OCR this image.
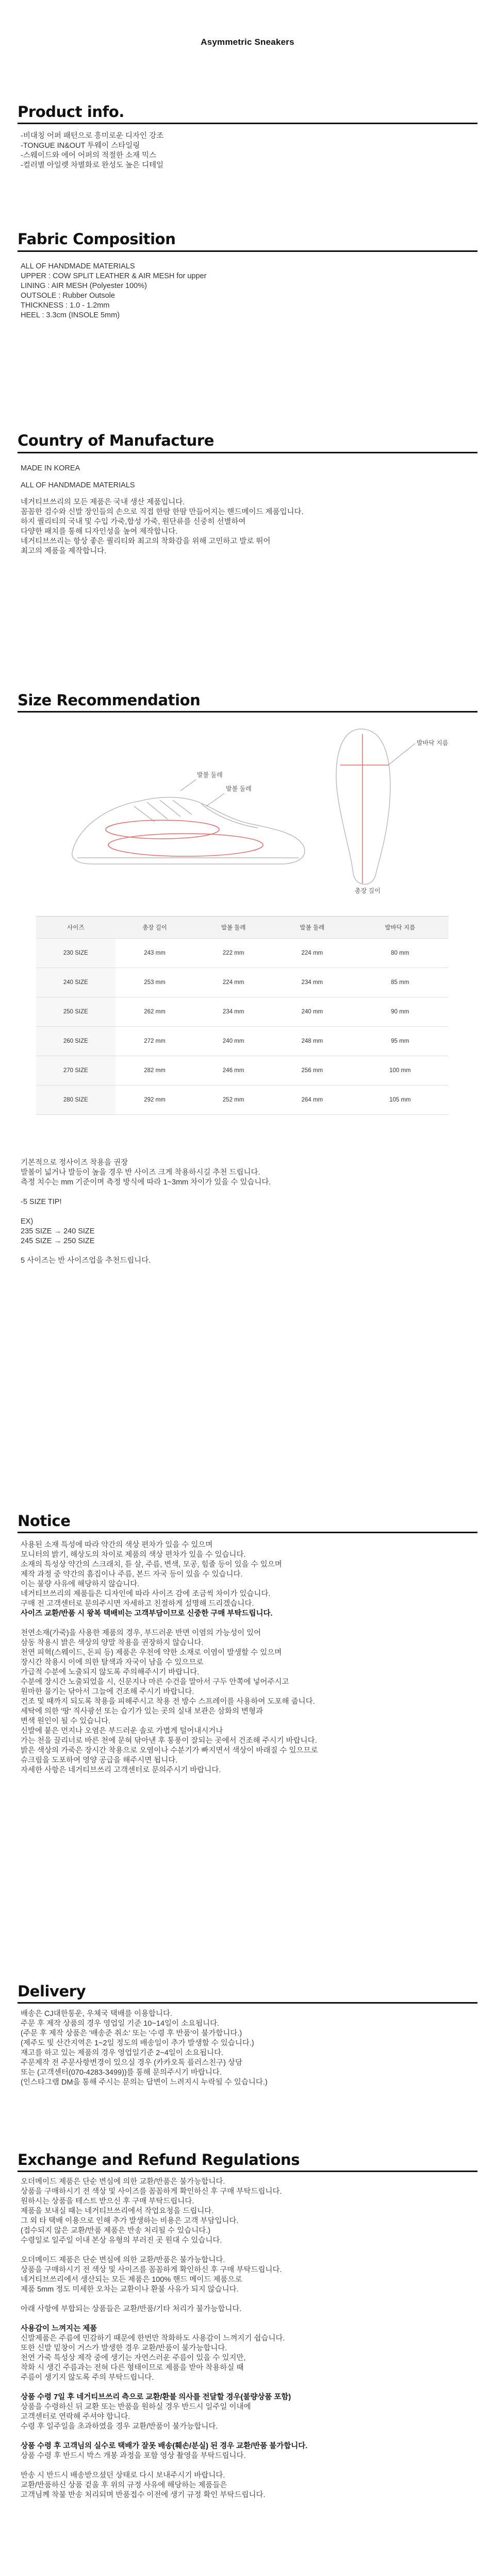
Asymmetric Sneakers
Product info.
-비대칭 어퍼 패턴으로 흥미로운 디자인 강조
-TONGUE IN&OUT 투웨이 스타일링
-스웨이드와 에어 어퍼의 적절한 소재 믹스
-컬러별 아일렛 차별화로 완성도 높은 디테일
Fabric Composition
ALL OF HANDMADE MATERIALS
UPPER : COW SPLIT LEATHER & AIR MESH for upper
LINING : AIR MESH (Polyester 100%)
OUTSOLE : Rubber Outsole
THICKNESS : 1.0 - 1.2mm
HEEL : 3.3cm (INSOLE 5mm)
Country of Manufacture
MADE IN KOREA
ALL OF HANDMADE MATERIALS
네거티브쓰리의 모든 제품은 국내 생산 제품입니다.
꼼꼼한 검수와 신발 장인들의 손으로 직접 한땀 한땀 만들어지는 핸드메이드 제품입니다.
하지 퀄리티의 국내 및 수입 가죽,합성 가죽, 원단류를 신중히 선별하여
다양한 패치를 통해 디자인성을 높여 제작합니다.
네거티브쓰리는 항상 좋은 퀄리티와 최고의 착화감을 위해 고민하고 발로 뛰어
최고의 제품을 제작합니다.
Size Recommendation
발볼 둘레
발볼 둘레
발바닥 지름
총장 길이
사이즈	총장 길이	발볼 둘레	발볼 둘레	발바닥 지름
230 SIZE	243 mm	222 mm	224 mm	80 mm
240 SIZE	253 mm	224 mm	234 mm	85 mm
250 SIZE	262 mm	234 mm	240 mm	90 mm
260 SIZE	272 mm	240 mm	248 mm	95 mm
270 SIZE	282 mm	246 mm	256 mm	100 mm
280 SIZE	292 mm	252 mm	264 mm	105 mm
기본적으로 정사이즈 착용을 권장
발볼이 넓거나 발등이 높을 경우 반 사이즈 크게 착용하시길 추천 드립니다.
측정 치수는 mm 기준이며 측정 방식에 따라 1~3mm 차이가 있을 수 있습니다.
-5 SIZE TIP!
EX)
235 SIZE → 240 SIZE
245 SIZE → 250 SIZE
5 사이즈는 반 사이즈업을 추천드립니다.
Notice
사용된 소재 특성에 따라 약간의 색상 편차가 있을 수 있으며
모니터의 밝기, 해상도의 차이로 제품의 색상 편차가 있을 수 있습니다.
소재의 특성상 약간의 스크래치, 튿 살, 주름, 변색, 모공, 힘줄 등이 있을 수 있으며
제작 과정 중 약간의 흠집이나 주름, 본드 자국 등이 있을 수 있습니다.
이는 불량 사유에 해당하지 않습니다.
네거티브쓰리의 제품들은 디자인에 따라 사이즈 감에 조금씩 차이가 있습니다.
구매 전 고객센터로 문의주시면 자세하고 친절하게 설명해 드리겠습니다.
사이즈 교환/반품 시 왕복 택배비는 고객부담이므로 신중한 구매 부탁드립니다.
천연소재(가죽)을 사용한 제품의 경우, 부드러운 반면 이염의 가능성이 있어
삼동 착용시 밝은 색상의 양말 착용을 권장하지 않습니다.
천연 피혁(스웨이드, 돈피 등) 제품은 우천에 약한 소재로 이염이 발생할 수 있으며
장시간 착용시 이에 의한 탈색과 자국이 남을 수 있으므로
가급적 수분에 노출되지 않도록 주의해주시기 바랍니다.
수분에 장시간 노출되었을 시, 신문지나 마른 수건을 말아서 구두 안쪽에 넣어주시고
원마한 물기는 닦아서 그늘에 건조해 주시기 바랍니다.
건조 및 때까지 되도록 착용을 피해주시고 착용 전 방수 스프레이를 사용하여 도포해 줍니다.
세탁에 의한 '땅' 직사광선 또는 습기가 있는 곳의 실내 보관은 삼화의 변형과
변색 원인이 될 수 있습니다.
신발에 붙은 먼지나 오염은 부드러운 솔로 가볍게 털어내시거나
가는 천을 끌리너로 바른 천에 문혀 닦아낸 후 통풍이 잘되는 곳에서 건조해 주시기 바랍니다.
밝은 색상의 가죽은 장시간 착용으로 오염이나 수분기가 빠지면서 색상이 바래질 수 있으므로
슈크림을 도포하여 영양 공급을 해주시면 됩니다.
자세한 사항은 네거티브쓰리 고객센터로 문의주시기 바랍니다.
Delivery
배송은 CJ대한통운, 우체국 택배를 이용합니다.
주문 후 제작 상품의 경우 영업일 기준 10~14일이 소요됩니다.
(주문 후 제작 상품은 '배송준 취소' 또는 '수령 후 반품'이 불가합니다.)
(제주도 및 산간지역은 1~2일 정도의 배송일이 추가 발생할 수 있습니다.)
재고를 하고 있는 제품의 경우 영업일기준 2~4일이 소요됩니다.
주문제작 전 주문사항변경이 있으실 경우 (카카오톡 플러스친구) 상담
또는 (고객센터(070-4283-3499))를 통해 문의주시기 바랍니다.
(인스타그램 DM을 통해 주시는 문의는 답변이 느려지시 누락될 수 있습니다.)
Exchange and Refund Regulations
오더메이드 제품은 단순 변심에 의한 교환/반품은 불가능합니다.
상품을 구매하시기 전 색상 및 사이즈를 꼼꼼하게 확인하신 후 구매 부탁드립니다.
원하시는 상품을 테스트 받으신 후 구매 부탁드립니다.
제품을 보내실 때는 네거티브쓰리에서 작업요청을 드립니다.
그 외 타 택배 이용으로 인해 추가 발생하는 비용은 고객 부담입니다.
(접수되지 않은 교환/반품 제품은 반송 처리될 수 있습니다.)
수령일로 일주일 이내 본상 유형의 부러진 곳 원대 수 있습니다.
오더메이드 제품은 단순 변심에 의한 교환/반품은 불가능합니다.
상품을 구매하시기 전 색상 및 사이즈를 꼼꼼하게 확인하신 후 구매 부탁드립니다.
네거티브쓰리에서 생산되는 모든 제품은 100% 핸드 메이드 제품으로
제품 5mm 정도 미세한 오차는 교환이나 환불 사유가 되지 않습니다.
아래 사항에 부합되는 상품들은 교환/반품/기타 처리가 불가능합니다.
사용감이 느껴지는 제품
신발제품은 주름에 민감하기 때문에 한번만 착화하도 사용감이 느껴지기 쉽습니다.
또한 신발 밑창이 거스가 발생한 경우 교환/반품이 불가능합니다.
천연 가죽 특성상 제작 중에 생기는 자연스러운 주름이 있을 수 있지만,
착화 시 생긴 주름과는 전혀 다른 형태이므로 제품을 받아 착용하실 때
주름이 생기지 않도록 주의 부탁드립니다.
상품 수령 7일 후 네거티브쓰리 측으로 교환/환불 의사를 전달할 경우(불량상품 포함)
상품을 수령하신 뒤 교환 또는 반품을 원하실 경우 반드시 일주일 이내에
고객센터로 연락해 주셔야 합니다.
수령 후 일주일을 초과하였을 경우 교환/반품이 불가능합니다.
상품 수령 후 고객님의 실수로 택배가 잘못 배송(훼손/분실) 된 경우 교환/반품 불가합니다.
상품 수령 후 반드시 박스 개봉 과정을 포함 영상 촬영을 부탁드립니다.
반송 시 반드시 배송받으셨던 상태로 다시 보내주시기 바랍니다.
교환/반품하신 상품 겉울 후 위의 규정 사유에 해당하는 제품들은
고객님께 착불 반송 처리되며 반품접수 이전에 생기 규정 확인 부탁드립니다.
